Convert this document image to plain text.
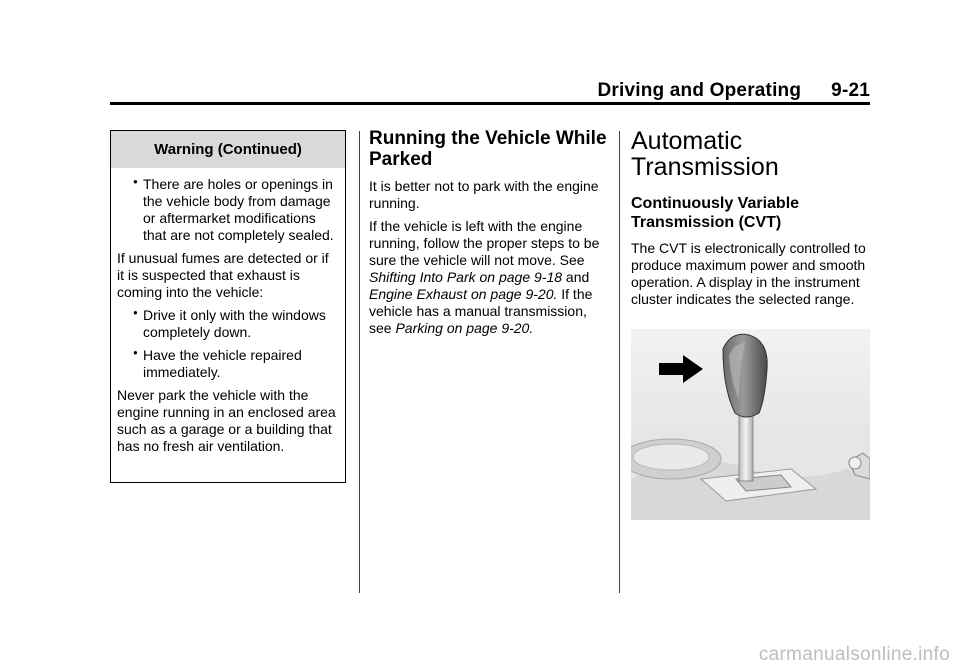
Driving and Operating 9-21
Warning (Continued)
● There are holes or openings in the vehicle body from damage or aftermarket modifications that are not completely sealed.

If unusual fumes are detected or if it is suspected that exhaust is coming into the vehicle:

● Drive it only with the windows completely down.
● Have the vehicle repaired immediately.

Never park the vehicle with the engine running in an enclosed area such as a garage or a building that has no fresh air ventilation.

Running the Vehicle While Parked

It is better not to park with the engine running.

If the vehicle is left with the engine running, follow the proper steps to be sure the vehicle will not move. See Shifting Into Park on page 9-18 and Engine Exhaust on page 9-20. If the vehicle has a manual transmission, see Parking on page 9-20.

Automatic Transmission
Continuously Variable Transmission (CVT)

The CVT is electronically controlled to produce maximum power and smooth operation. A display in the instrument cluster indicates the selected range.

carmanualsonline.info
